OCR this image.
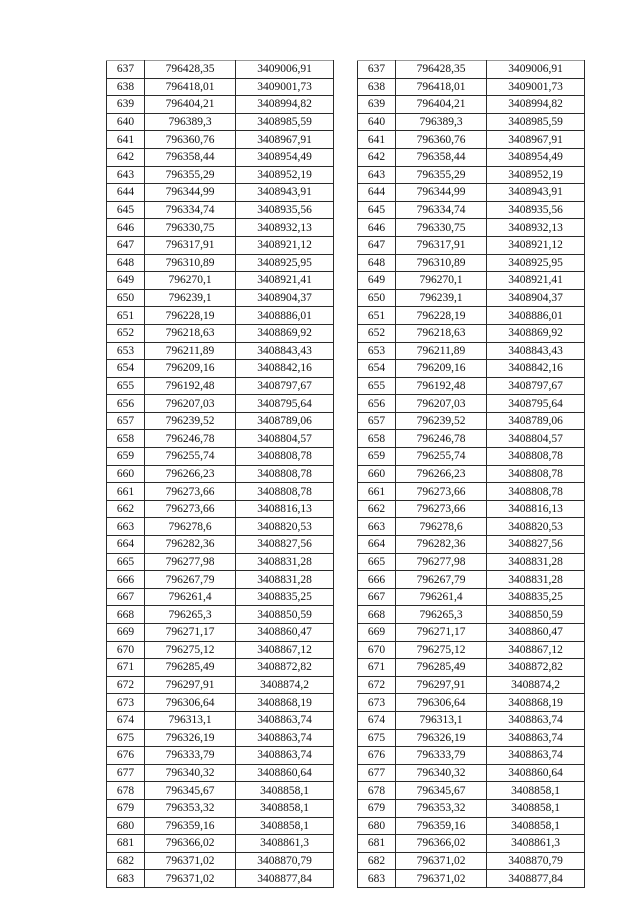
637	796428,35	3409006,91
638	796418,01	3409001,73
639	796404,21	3408994,82
640	796389,3	3408985,59
641	796360,76	3408967,91
642	796358,44	3408954,49
643	796355,29	3408952,19
644	796344,99	3408943,91
645	796334,74	3408935,56
646	796330,75	3408932,13
647	796317,91	3408921,12
648	796310,89	3408925,95
649	796270,1	3408921,41
650	796239,1	3408904,37
651	796228,19	3408886,01
652	796218,63	3408869,92
653	796211,89	3408843,43
654	796209,16	3408842,16
655	796192,48	3408797,67
656	796207,03	3408795,64
657	796239,52	3408789,06
658	796246,78	3408804,57
659	796255,74	3408808,78
660	796266,23	3408808,78
661	796273,66	3408808,78
662	796273,66	3408816,13
663	796278,6	3408820,53
664	796282,36	3408827,56
665	796277,98	3408831,28
666	796267,79	3408831,28
667	796261,4	3408835,25
668	796265,3	3408850,59
669	796271,17	3408860,47
670	796275,12	3408867,12
671	796285,49	3408872,82
672	796297,91	3408874,2
673	796306,64	3408868,19
674	796313,1	3408863,74
675	796326,19	3408863,74
676	796333,79	3408863,74
677	796340,32	3408860,64
678	796345,67	3408858,1
679	796353,32	3408858,1
680	796359,16	3408858,1
681	796366,02	3408861,3
682	796371,02	3408870,79
683	796371,02	3408877,84
637	796428,35	3409006,91
638	796418,01	3409001,73
639	796404,21	3408994,82
640	796389,3	3408985,59
641	796360,76	3408967,91
642	796358,44	3408954,49
643	796355,29	3408952,19
644	796344,99	3408943,91
645	796334,74	3408935,56
646	796330,75	3408932,13
647	796317,91	3408921,12
648	796310,89	3408925,95
649	796270,1	3408921,41
650	796239,1	3408904,37
651	796228,19	3408886,01
652	796218,63	3408869,92
653	796211,89	3408843,43
654	796209,16	3408842,16
655	796192,48	3408797,67
656	796207,03	3408795,64
657	796239,52	3408789,06
658	796246,78	3408804,57
659	796255,74	3408808,78
660	796266,23	3408808,78
661	796273,66	3408808,78
662	796273,66	3408816,13
663	796278,6	3408820,53
664	796282,36	3408827,56
665	796277,98	3408831,28
666	796267,79	3408831,28
667	796261,4	3408835,25
668	796265,3	3408850,59
669	796271,17	3408860,47
670	796275,12	3408867,12
671	796285,49	3408872,82
672	796297,91	3408874,2
673	796306,64	3408868,19
674	796313,1	3408863,74
675	796326,19	3408863,74
676	796333,79	3408863,74
677	796340,32	3408860,64
678	796345,67	3408858,1
679	796353,32	3408858,1
680	796359,16	3408858,1
681	796366,02	3408861,3
682	796371,02	3408870,79
683	796371,02	3408877,84
